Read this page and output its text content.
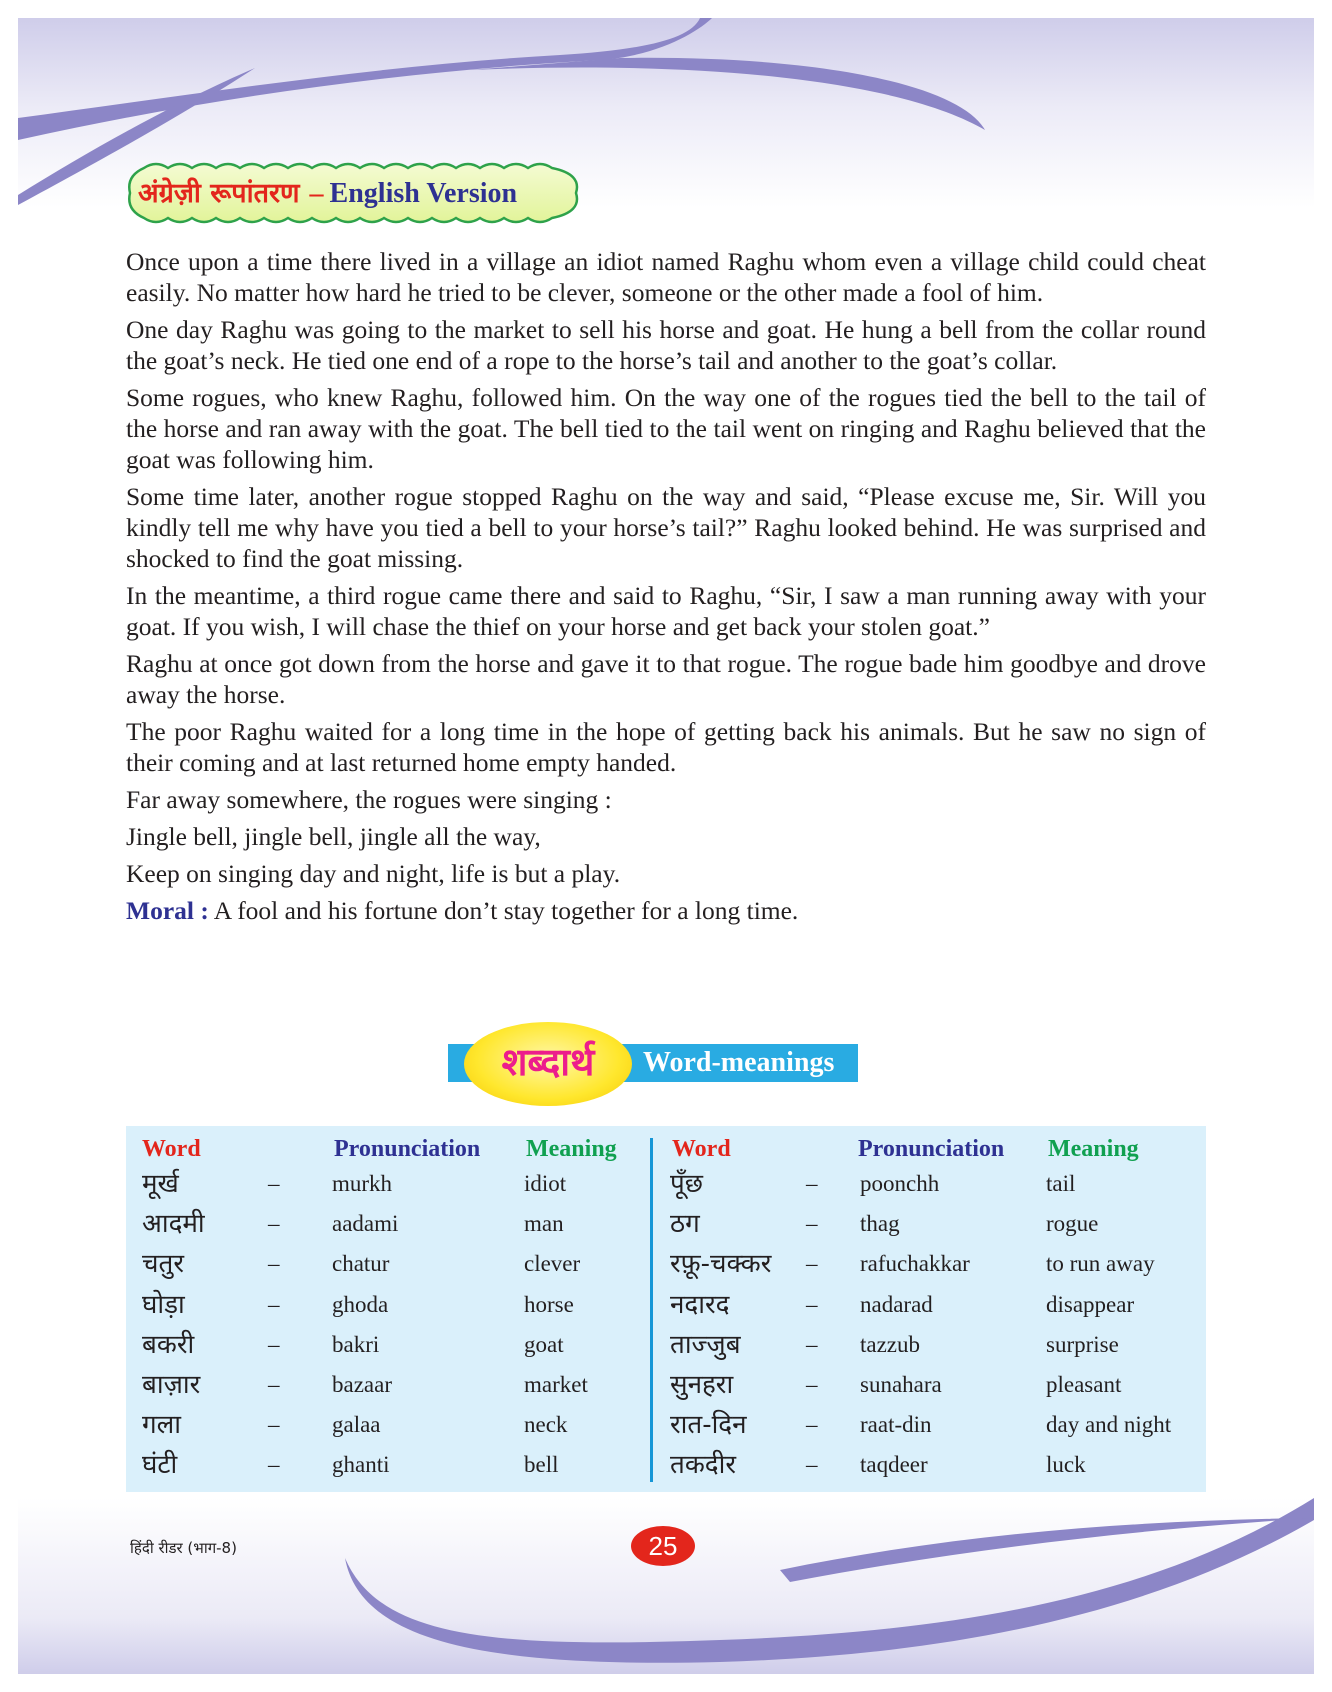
अंग्रेज़ी रूपांतरण – English Version

Once upon a time there lived in a village an idiot named Raghu whom even a village child could cheat easily. No matter how hard he tried to be clever, someone or the other made a fool of him.

One day Raghu was going to the market to sell his horse and goat. He hung a bell from the collar round the goat’s neck. He tied one end of a rope to the horse’s tail and another to the goat’s collar.

Some rogues, who knew Raghu, followed him. On the way one of the rogues tied the bell to the tail of the horse and ran away with the goat. The bell tied to the tail went on ringing and Raghu believed that the goat was following him.

Some time later, another rogue stopped Raghu on the way and said, “Please excuse me, Sir. Will you kindly tell me why have you tied a bell to your horse’s tail?” Raghu looked behind. He was surprised and shocked to find the goat missing.

In the meantime, a third rogue came there and said to Raghu, “Sir, I saw a man running away with your goat. If you wish, I will chase the thief on your horse and get back your stolen goat.”

Raghu at once got down from the horse and gave it to that rogue. The rogue bade him goodbye and drove away the horse.

The poor Raghu waited for a long time in the hope of getting back his animals. But he saw no sign of their coming and at last returned home empty handed.

Far away somewhere, the rogues were singing :

Jingle bell, jingle bell, jingle all the way,

Keep on singing day and night, life is but a play.

Moral : A fool and his fortune don’t stay together for a long time.

शब्दार्थ	Word-meanings
Word	Pronunciation Meaning Word	Pronunciation Meaning
मूर्ख	– murkh	idiot
आदमी	– aadami	man
चतुर	– chatur	clever
घोड़ा	– ghoda	horse
बकरी	– bakri	goat
बाज़ार	– bazaar	market
गला	– galaa	neck
घंटी	– ghanti	bell
पूँछ	– poonchh	tail
ठग	– thag	rogue
रफ़ू-चक्कर – rafuchakkar	to run away
नदारद	– nadarad	disappear
ताज्जुब	– tazzub	surprise
सुनहरा	– sunahara	pleasant
रात-दिन	– raat-din	day and night
तकदीर	– taqdeer	luck
हिंदी रीडर (भाग-8)	25
